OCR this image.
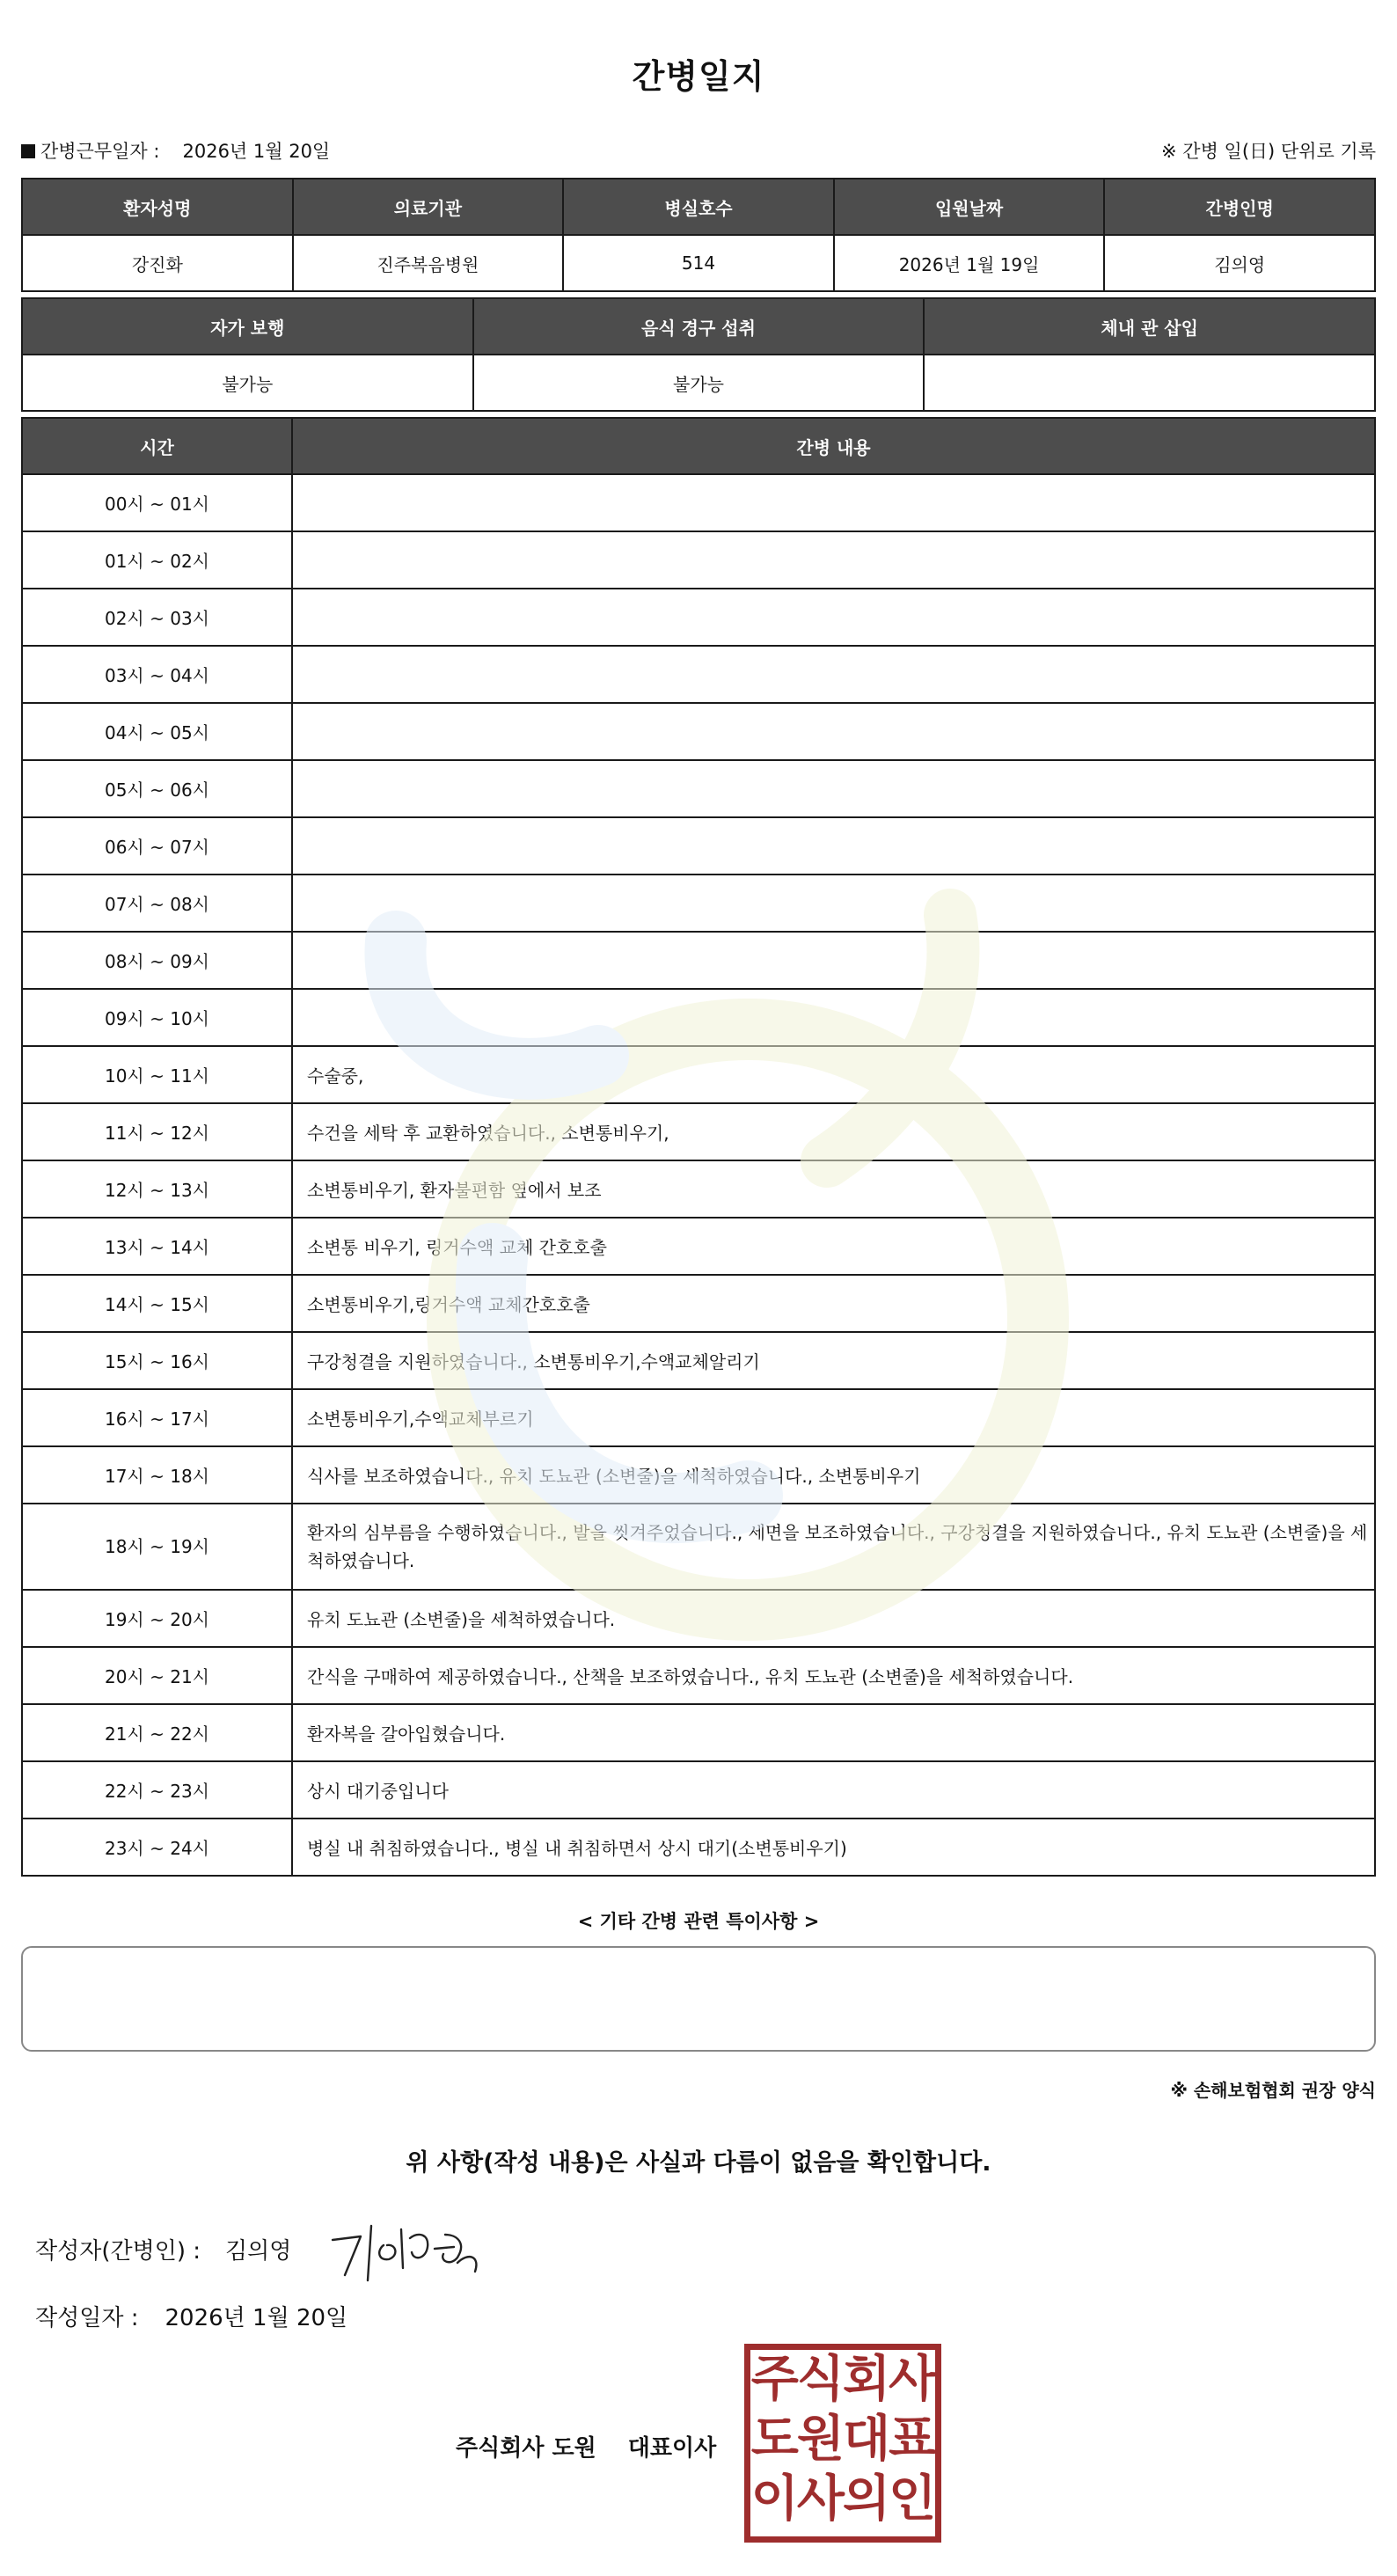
간병일지
간병근무일자 : 2026년 1월 20일	※ 간병 일(日) 단위로 기록
환자성명	의료기관	병실호수	입원날짜	간병인명
강진화	진주복음병원	514	2026년 1월 19일	김의영
자가 보행	음식 경구 섭취	체내 관 삽입
불가능	불가능	
시간	간병 내용
00시 ~ 01시	
01시 ~ 02시	
02시 ~ 03시	
03시 ~ 04시	
04시 ~ 05시	
05시 ~ 06시	
06시 ~ 07시	
07시 ~ 08시	
08시 ~ 09시	
09시 ~ 10시	
10시 ~ 11시	수술중,
11시 ~ 12시	수건을 세탁 후 교환하였습니다., 소변통비우기,
12시 ~ 13시	소변통비우기, 환자불편함 옆에서 보조
13시 ~ 14시	소변통 비우기, 링거수액 교체 간호호출
14시 ~ 15시	소변통비우기,링거수액 교체간호호출
15시 ~ 16시	구강청결을 지원하였습니다., 소변통비우기,수액교체알리기
16시 ~ 17시	소변통비우기,수액교체부르기
17시 ~ 18시	식사를 보조하였습니다., 유치 도뇨관 (소변줄)을 세척하였습니다., 소변통비우기
18시 ~ 19시	환자의 심부름을 수행하였습니다., 발을 씻겨주었습니다., 세면을 보조하였습니다., 구강청결을 지원하였습니다., 유치 도뇨관 (소변줄)을 세척하였습니다.
19시 ~ 20시	유치 도뇨관 (소변줄)을 세척하였습니다.
20시 ~ 21시	간식을 구매하여 제공하였습니다., 산책을 보조하였습니다., 유치 도뇨관 (소변줄)을 세척하였습니다.
21시 ~ 22시	환자복을 갈아입혔습니다.
22시 ~ 23시	상시 대기중입니다
23시 ~ 24시	병실 내 취침하였습니다., 병실 내 취침하면서 상시 대기(소변통비우기)
< 기타 간병 관련 특이사항 >
※ 손해보험협회 권장 양식
위 사항(작성 내용)은 사실과 다름이 없음을 확인합니다.
작성자(간병인) : 김의영
작성일자 : 2026년 1월 20일
주식회사 도원 대표이사
주식회사
도원대표
이사의인
